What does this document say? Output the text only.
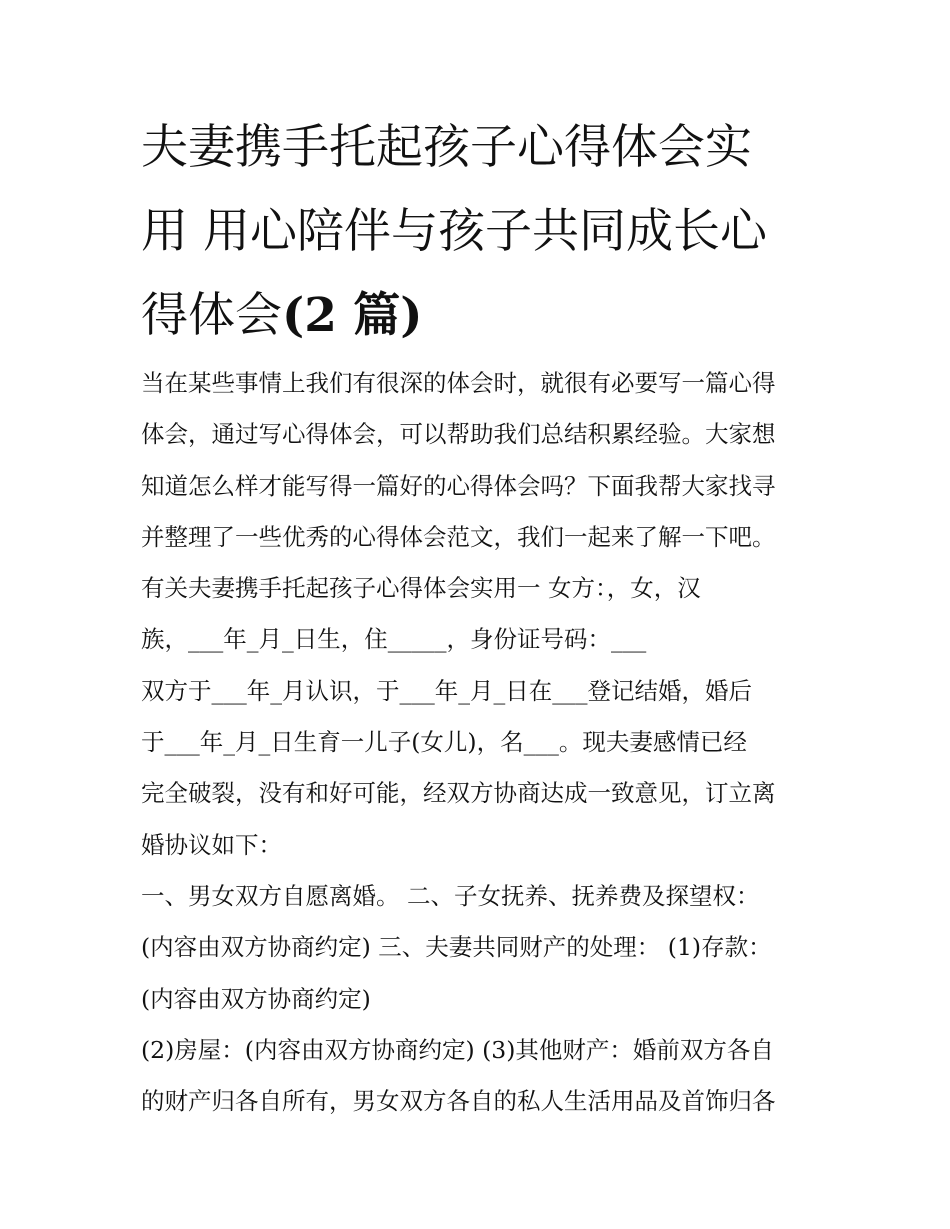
夫妻携手托起孩子心得体会实
用 用心陪伴与孩子共同成长心
得体会(2 篇)
当在某些事情上我们有很深的体会时，就很有必要写一篇心得
体会，通过写心得体会，可以帮助我们总结积累经验。大家想
知道怎么样才能写得一篇好的心得体会吗？下面我帮大家找寻
并整理了一些优秀的心得体会范文，我们一起来了解一下吧。
有关夫妻携手托起孩子心得体会实用一 女方：，女，汉
族，___年_月_日生，住_____，身份证号码：___
双方于___年_月认识，于___年_月_日在___登记结婚，婚后
于___年_月_日生育一儿子(女儿)，名___。现夫妻感情已经
完全破裂，没有和好可能，经双方协商达成一致意见，订立离
婚协议如下：
一、男女双方自愿离婚。 二、子女抚养、抚养费及探望权：
(内容由双方协商约定) 三、夫妻共同财产的处理： (1)存款：
(内容由双方协商约定)
(2)房屋：(内容由双方协商约定) (3)其他财产：婚前双方各自
的财产归各自所有，男女双方各自的私人生活用品及首饰归各
